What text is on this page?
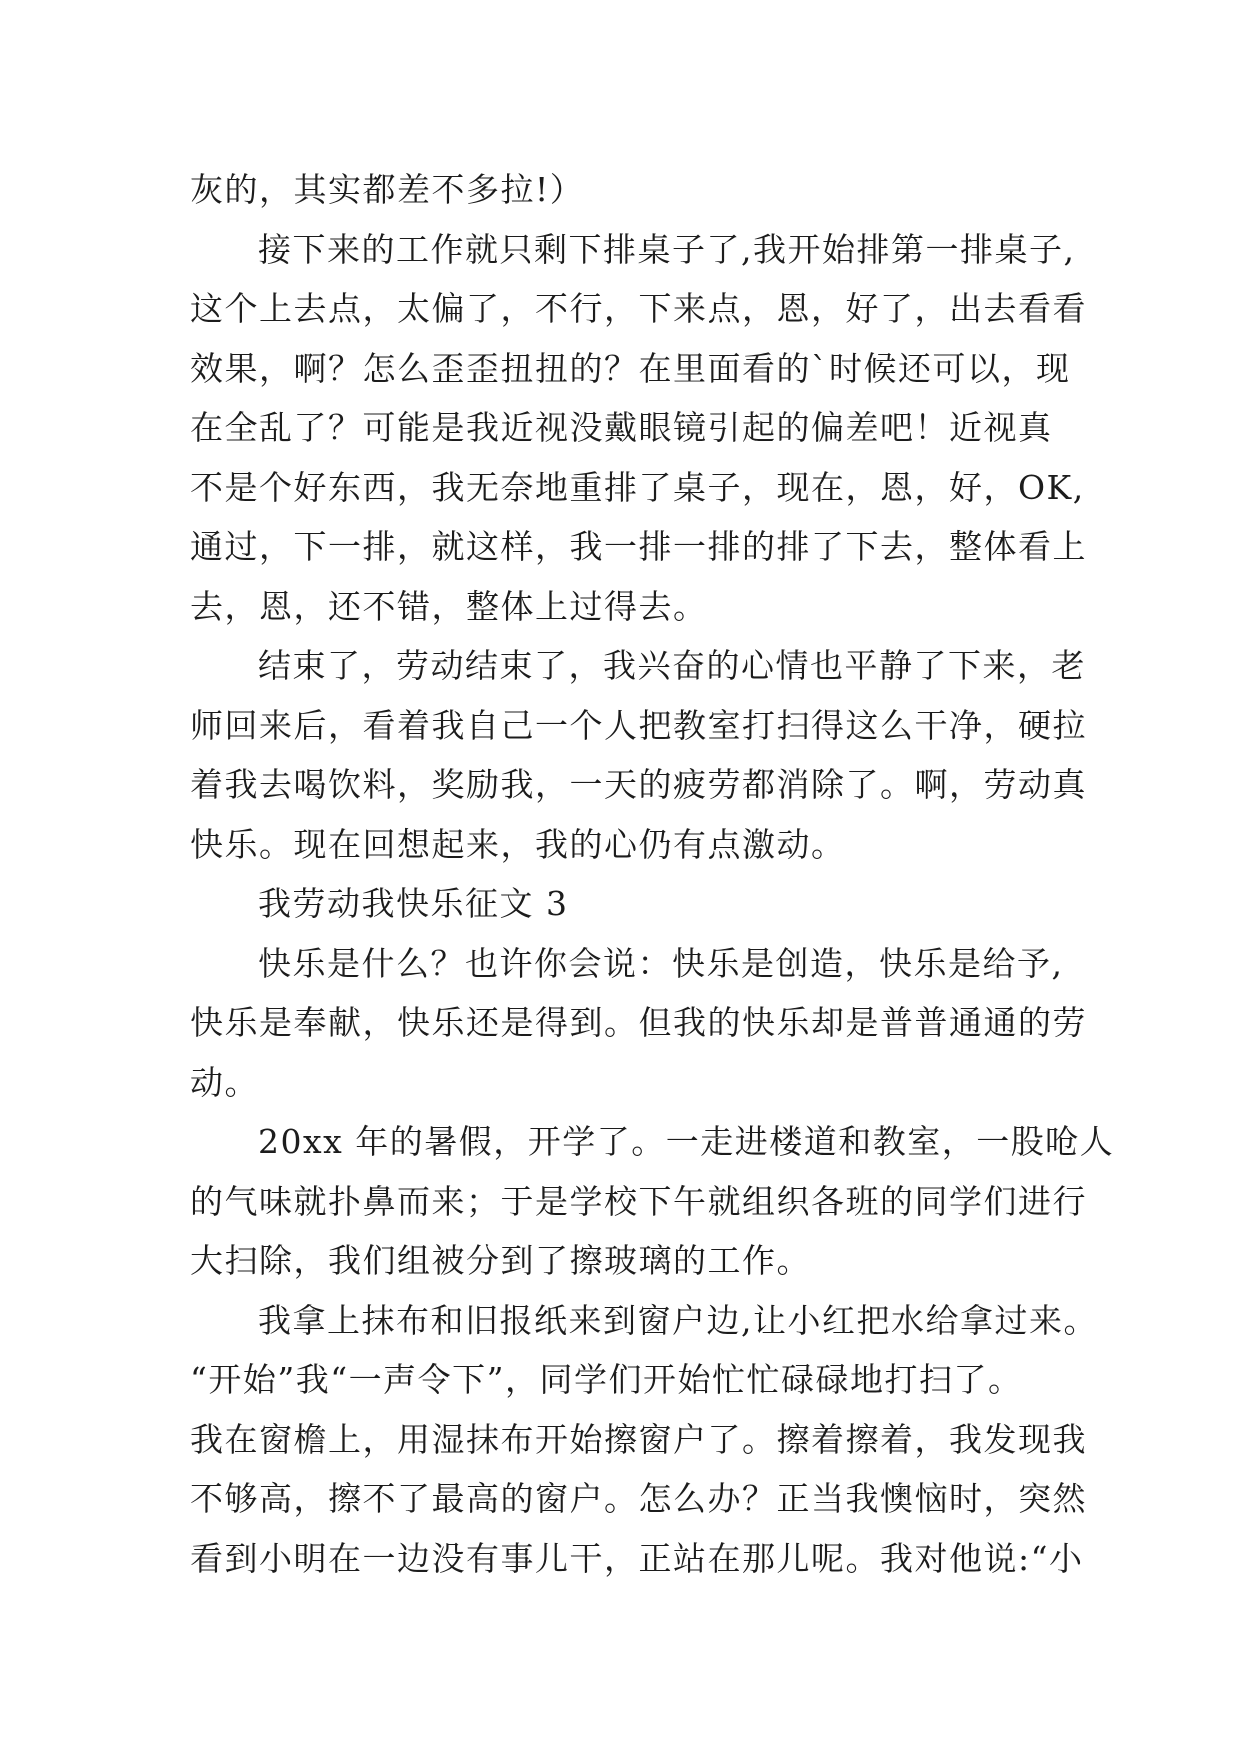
灰的，其实都差不多拉!）
接下来的工作就只剩下排桌子了,我开始排第一排桌子,
这个上去点，太偏了，不行，下来点，恩，好了，出去看看
效果，啊？怎么歪歪扭扭的？在里面看的`时候还可以，现
在全乱了？可能是我近视没戴眼镜引起的偏差吧！近视真
不是个好东西，我无奈地重排了桌子，现在，恩，好，OK,
通过，下一排，就这样，我一排一排的排了下去，整体看上
去，恩，还不错，整体上过得去。
结束了，劳动结束了，我兴奋的心情也平静了下来，老
师回来后，看着我自己一个人把教室打扫得这么干净，硬拉
着我去喝饮料，奖励我，一天的疲劳都消除了。啊，劳动真
快乐。现在回想起来，我的心仍有点激动。
我劳动我快乐征文 3
快乐是什么？也许你会说：快乐是创造，快乐是给予,
快乐是奉献，快乐还是得到。但我的快乐却是普普通通的劳
动。
20xx 年的暑假，开学了。一走进楼道和教室，一股呛人
的气味就扑鼻而来；于是学校下午就组织各班的同学们进行
大扫除，我们组被分到了擦玻璃的工作。
我拿上抹布和旧报纸来到窗户边,让小红把水给拿过来。
“开始”我“一声令下”，同学们开始忙忙碌碌地打扫了。
我在窗檐上，用湿抹布开始擦窗户了。擦着擦着，我发现我
不够高，擦不了最高的窗户。怎么办？正当我懊恼时，突然
看到小明在一边没有事儿干，正站在那儿呢。我对他说:“小
